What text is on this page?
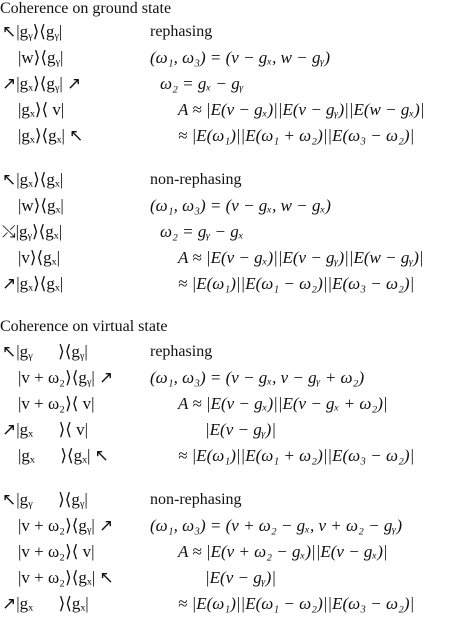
Coherence on ground state
↖|gᵧ⟩⟨gᵧ|	rephasing
|w⟩⟨gᵧ|	(ω₁, ω₃) = (v − gₓ, w − gᵧ)
↗|gₓ⟩⟨gᵧ| ↗	ω₂ = gₓ − gᵧ
|gₓ⟩⟨ v|	A ≈ |E(v − gₓ)||E(v − gᵧ)||E(w − gₓ)|
|gₓ⟩⟨gₓ| ↖	≈ |E(ω₁)||E(ω₁ + ω₂)||E(ω₃ − ω₂)|
↖|gₓ⟩⟨gₓ|	non-rephasing
|w⟩⟨gₓ|	(ω₁, ω₃) = (v − gₓ, w − gₓ)
⤯|gᵧ⟩⟨gₓ|	ω₂ = gᵧ − gₓ
|v⟩⟨gₓ|	A ≈ |E(v − gₓ)||E(v − gᵧ)||E(w − gᵧ)|
↗|gₓ⟩⟨gₓ|	≈ |E(ω₁)||E(ω₁ − ω₂)||E(ω₃ − ω₂)|
Coherence on virtual state
↖|gᵧ      ⟩⟨gᵧ|	rephasing
|v + ω₂⟩⟨gᵧ| ↗ (ω₁, ω₃) = (v − gₓ, v − gᵧ + ω₂)
|v + ω₂⟩⟨ v|	A ≈ |E(v − gₓ)||E(v − gₓ + ω₂)|
↗|gₓ      ⟩⟨ v|	|E(v − gᵧ)|
|gₓ      ⟩⟨gₓ| ↖	≈ |E(ω₁)||E(ω₁ + ω₂)||E(ω₃ − ω₂)|
↖|gᵧ      ⟩⟨gᵧ|	non-rephasing
|v + ω₂⟩⟨gᵧ| ↗ (ω₁, ω₃) = (v + ω₂ − gₓ, v + ω₂ − gᵧ)
|v + ω₂⟩⟨ v|	A ≈ |E(v + ω₂ − gₓ)||E(v − gₓ)|
|v + ω₂⟩⟨gₓ| ↖	|E(v − gᵧ)|
↗|gₓ      ⟩⟨gₓ|	≈ |E(ω₁)||E(ω₁ − ω₂)||E(ω₃ − ω₂)|
